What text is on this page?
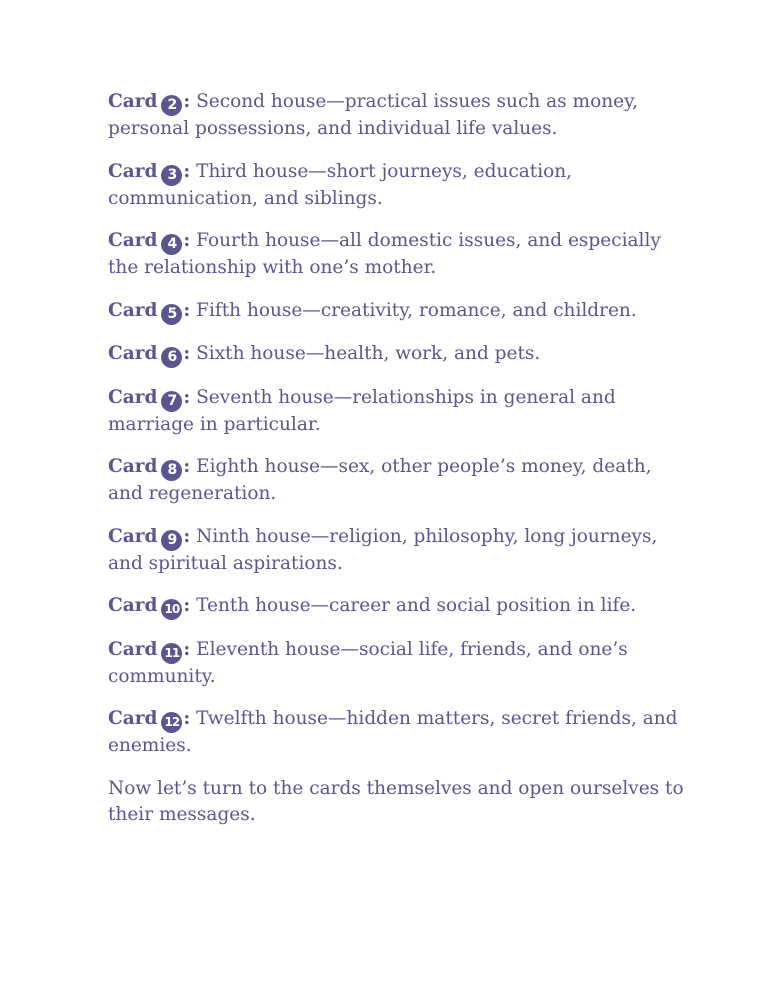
Card 2 : Second house—practical issues such as money, personal possessions, and individual life values.

Card 3 : Third house—short journeys, education, communication, and siblings.

Card 4 : Fourth house—all domestic issues, and especially the relationship with one’s mother.

Card 5 : Fifth house—creativity, romance, and children.

Card 6 : Sixth house—health, work, and pets.

Card 7 : Seventh house—relationships in general and marriage in particular.

Card 8 : Eighth house—sex, other people’s money, death, and regeneration.

Card 9 : Ninth house—religion, philosophy, long journeys, and spiritual aspirations.

Card 10 : Tenth house—career and social position in life.

Card 11 : Eleventh house—social life, friends, and one’s community.

Card 12 : Twelfth house—hidden matters, secret friends, and enemies.

Now let’s turn to the cards themselves and open ourselves to their messages.
